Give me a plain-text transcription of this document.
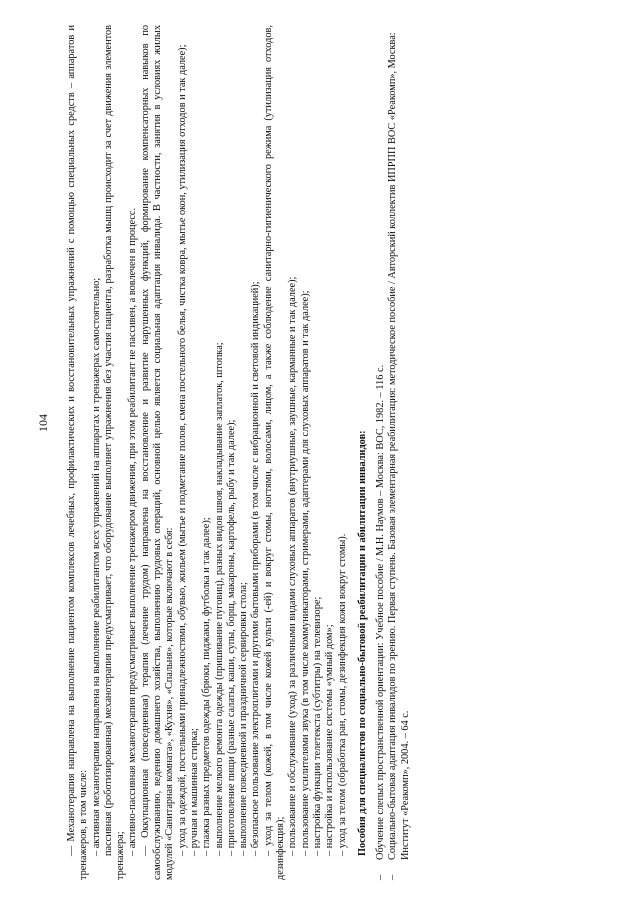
104 — Механотерапия направлена на выполнение пациентом комплексов лечебных, профилактических и восстановительных упражнений с помощью специальных средств – аппаратов и тренажеров, в том числе: – активная механотерапия направлена на выполнение реабилитантом всех упражнений на аппаратах и тренажерах самостоятельно; пассивная (роботизированная) механотерапия предусматривает, что оборудование выполняет упражнения без участия пациента, разработка мышц происходит за счет движения элементов тренажера;

– активно-пассивная механотерапия предусматривает выполнение тренажером движения, при этом реабилитант не пассивен, а вовлечен в процесс. — Оккупационная (повседневная) терапия (лечение трудом) направлена на восстановление и развитие нарушенных функций, формирование компенсаторных навыков по самообслуживанию, ведению домашнего хозяйства, выполнению трудовых операций, основной целью является социальная адаптация инвалида. В частности, занятия в условиях жилых модулей «Санитарная комната», «Кухня», «Спальня», которые включают в себя: – уход за одеждой, постельными принадлежностями, обувью, жильем (мытье и подметание полов, смена постельного белья, чистка ковра, мытье окон, утилизация отходов и так далее); – ручная и машинная стирка; – глажка разных предметов одежды (брюки, пиджаки, футболка и так далее); – выполнение мелкого ремонта одежды (пришивание пуговиц), разных видов швов, накладывание заплаток, штопка; – приготовление пищи (разные салаты, каши, супы, борщ, макароны, картофель, рыбу и так далее); – выполнение повседневной и праздничной сервировки стола; – безопасное пользование электроплитами и другими бытовыми приборами (в том числе с вибрационной и световой индикацией); – уход за телом (кожей, в том числе кожей культи (-ей) и вокруг стомы, ногтями, волосами, лицом, а также соблюдение санитарно-гигиенического режима (утилизация отходов, дезинфекция);

– пользование и обслуживание (уход) за различными видами слуховых аппаратов (внутриушные, заушные, карманные и так далее); – пользование усилителями звука (в том числе коммуникаторами, стримерами, адаптерами для слуховых аппаратов и так далее); – настройка функции телетекста (субтитры) на телевизоре; – настройка и использование системы «умный дом»; – уход за телом (обработка ран, стомы, дезинфекция кожи вокруг стомы). Пособия для специалистов по социально-бытовой реабилитации и абилитации инвалидов:

–Обучение слепых пространственной ориентации: Учебное пособие / М.Н. Наумов – Москва: ВОС, 1982. – 116 с.

–Социально-бытовая адаптация инвалидов по зрению. Первая ступень. Базовая элементарная реабилитация: методическое пособие / Авторский коллектив ИПРПП ВОС «Реакомп», Москва: Институт «Реакомп», 2004. – 64 с.
